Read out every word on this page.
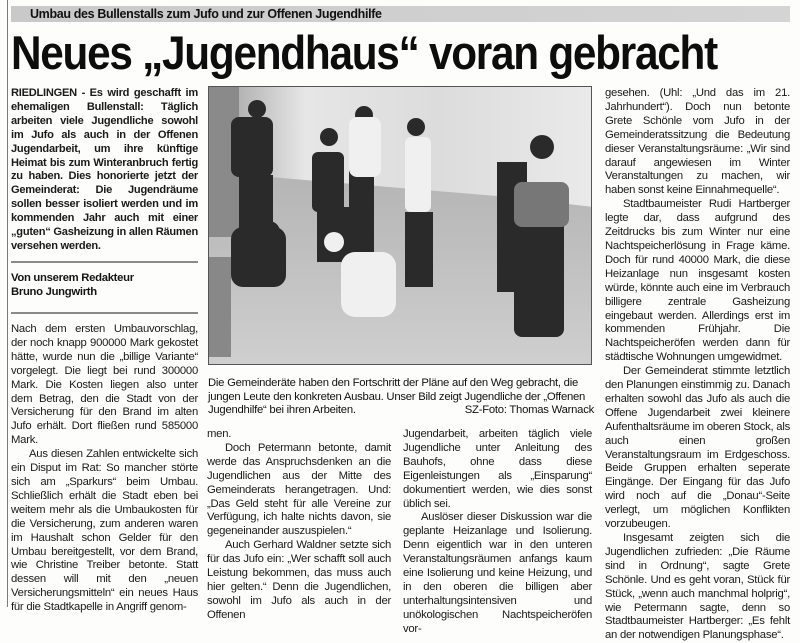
Umbau des Bullenstalls zum Jufo und zur Offenen Jugendhilfe
Neues „Jugendhaus“ voran gebracht

RIEDLINGEN - Es wird geschafft im ehemaligen Bullenstall: Täglich arbeiten viele Jugendliche sowohl im Jufo als auch in der Offenen Jugendarbeit, um ihre künftige Heimat bis zum Winteranbruch fertig zu haben. Dies honorierte jetzt der Gemeinderat: Die Jugendräume sollen besser isoliert werden und im kommenden Jahr auch mit einer „guten“ Gasheizung in allen Räumen versehen werden.

Von unserem Redakteur
Bruno Jungwirth

Nach dem ersten Umbauvorschlag, der noch knapp 900000 Mark gekostet hätte, wurde nun die „billige Variante“ vorgelegt. Die liegt bei rund 300000 Mark. Die Kosten liegen also unter dem Betrag, den die Stadt von der Versicherung für den Brand im alten Jufo erhält. Dort fließen rund 585000 Mark.

Aus diesen Zahlen entwickelte sich ein Disput im Rat: So mancher störte sich am „Sparkurs“ beim Umbau. Schließlich erhält die Stadt eben bei weitem mehr als die Umbaukosten für die Versicherung, zum anderen waren im Haushalt schon Gelder für den Umbau bereitgestellt, vor dem Brand, wie Christine Treiber betonte. Statt dessen will mit den „neuen Versicherungsmitteln“ ein neues Haus für die Stadtkapelle in Angriff genom-

Die Gemeinderäte haben den Fortschritt der Pläne auf den Weg gebracht, die jungen Leute den konkreten Ausbau. Unser Bild zeigt Jugendliche der „Offenen Jugendhilfe“ bei ihren Arbeiten.	SZ-Foto: Thomas Warnack

men.

Doch Petermann betonte, damit werde das Anspruchsdenken an die Jugendlichen aus der Mitte des Gemeinderats herangetragen. Und: „Das Geld steht für alle Vereine zur Verfügung, ich halte nichts davon, sie gegeneinander auszuspielen.“

Auch Gerhard Waldner setzte sich für das Jufo ein: „Wer schafft soll auch Leistung bekommen, das muss auch hier gelten.“ Denn die Jugendlichen, sowohl im Jufo als auch in der Offenen

Jugendarbeit, arbeiten täglich viele Jugendliche unter Anleitung des Bauhofs, ohne dass diese Eigenleistungen als „Einsparung“ dokumentiert werden, wie dies sonst üblich sei.

Auslöser dieser Diskussion war die geplante Heizanlage und Isolierung. Denn eigentlich war in den unteren Veranstaltungsräumen anfangs kaum eine Isolierung und keine Heizung, und in den oberen die billigen aber unterhaltungsintensiven und unökologischen Nachtspeicheröfen vor-

gesehen. (Uhl: „Und das im 21. Jahrhundert“). Doch nun betonte Grete Schönle vom Jufo in der Gemeinderatssitzung die Bedeutung dieser Veranstaltungsräume: „Wir sind darauf angewiesen im Winter Veranstaltungen zu machen, wir haben sonst keine Einnahmequelle“.

Stadtbaumeister Rudi Hartberger legte dar, dass aufgrund des Zeitdrucks bis zum Winter nur eine Nachtspeicherlösung in Frage käme. Doch für rund 40000 Mark, die diese Heizanlage nun insgesamt kosten würde, könnte auch eine im Verbrauch billigere zentrale Gasheizung eingebaut werden. Allerdings erst im kommenden Frühjahr. Die Nachtspeicheröfen werden dann für städtische Wohnungen umgewidmet.

Der Gemeinderat stimmte letztlich den Planungen einstimmig zu. Danach erhalten sowohl das Jufo als auch die Offene Jugendarbeit zwei kleinere Aufenthaltsräume im oberen Stock, als auch einen großen Veranstaltungsraum im Erdgeschoss. Beide Gruppen erhalten seperate Eingänge. Der Eingang für das Jufo wird noch auf die „Donau“-Seite verlegt, um möglichen Konflikten vorzubeugen.

Insgesamt zeigten sich die Jugendlichen zufrieden: „Die Räume sind in Ordnung“, sagte Grete Schönle. Und es geht voran, Stück für Stück, „wenn auch manchmal holprig“, wie Petermann sagte, denn so Stadtbaumeister Hartberger: „Es fehlt an der notwendigen Planungsphase“.
